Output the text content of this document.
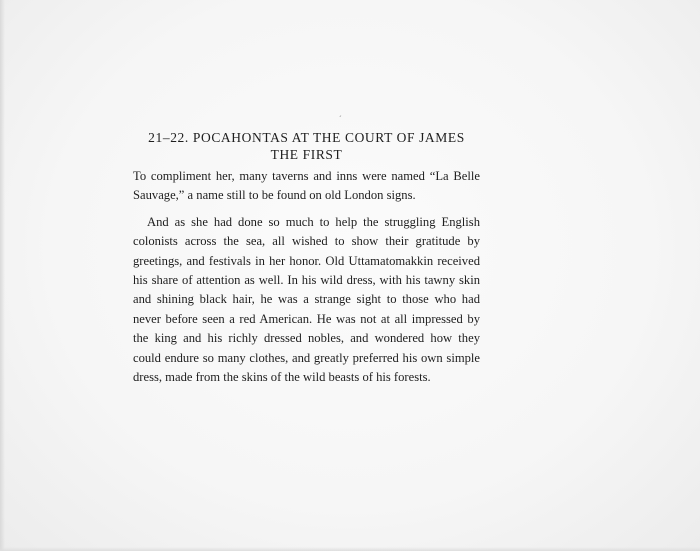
´
21–22. POCAHONTAS AT THE COURT OF JAMES
THE FIRST

To compliment her, many taverns and inns were named “La Belle Sauvage,” a name still to be found on old London signs.

And as she had done so much to help the struggling English colonists across the sea, all wished to show their gratitude by greetings, and festivals in her honor. Old Uttamatomakkin received his share of attention as well. In his wild dress, with his tawny skin and shining black hair, he was a strange sight to those who had never before seen a red American. He was not at all impressed by the king and his richly dressed nobles, and wondered how they could endure so many clothes, and greatly preferred his own simple dress, made from the skins of the wild beasts of his forests.
